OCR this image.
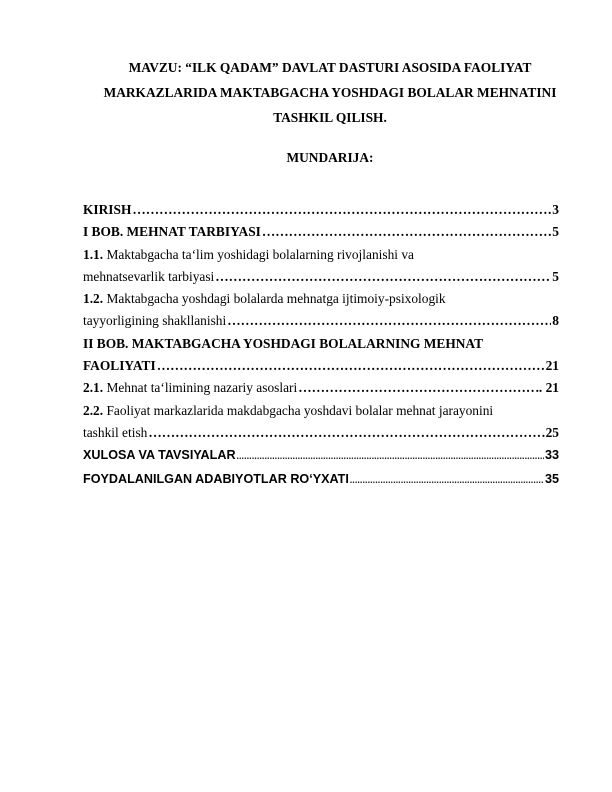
MAVZU: “ILK QADAM” DAVLAT DASTURI ASOSIDA FAOLIYAT
MARKAZLARIDA MAKTABGACHA YOSHDAGI BOLALAR MEHNATINI
TASHKIL QILISH.
MUNDARIJA:
KIRISH …………………………………………………………………………………………………………………………………………………………………………	3
I BOB. MEHNAT TARBIYASI …………………………………………………………………………………………………………………………………………………………………………	5
1.1. Maktabgacha ta‘lim yoshidagi bolalarning rivojlanishi va
mehnatsevarlik tarbiyasi …………………………………………………………………………………………………………………………………………………………………………	5
1.2. Maktabgacha yoshdagi bolalarda mehnatga ijtimoiy-psixologik
tayyorligining shakllanishi …………………………………………………………………………………………………………………………………………………………………………	8
II BOB. MAKTABGACHA YOSHDAGI BOLALARNING MEHNAT
FAOLIYATI …………………………………………………………………………………………………………………………………………………………………………	21
2.1. Mehnat ta‘limining nazariy asoslari …………………………………………………………………………………………………………………………………………………………………………	.. 21
2.2. Faoliyat markazlarida makdabgacha yoshdavi bolalar mehnat jarayonini
tashkil etish …………………………………………………………………………………………………………………………………………………………………………	25
XULOSA VA TAVSIYALAR .....	33
FOYDALANILGAN ADABIYOTLAR RO‘YXATI .....	35
